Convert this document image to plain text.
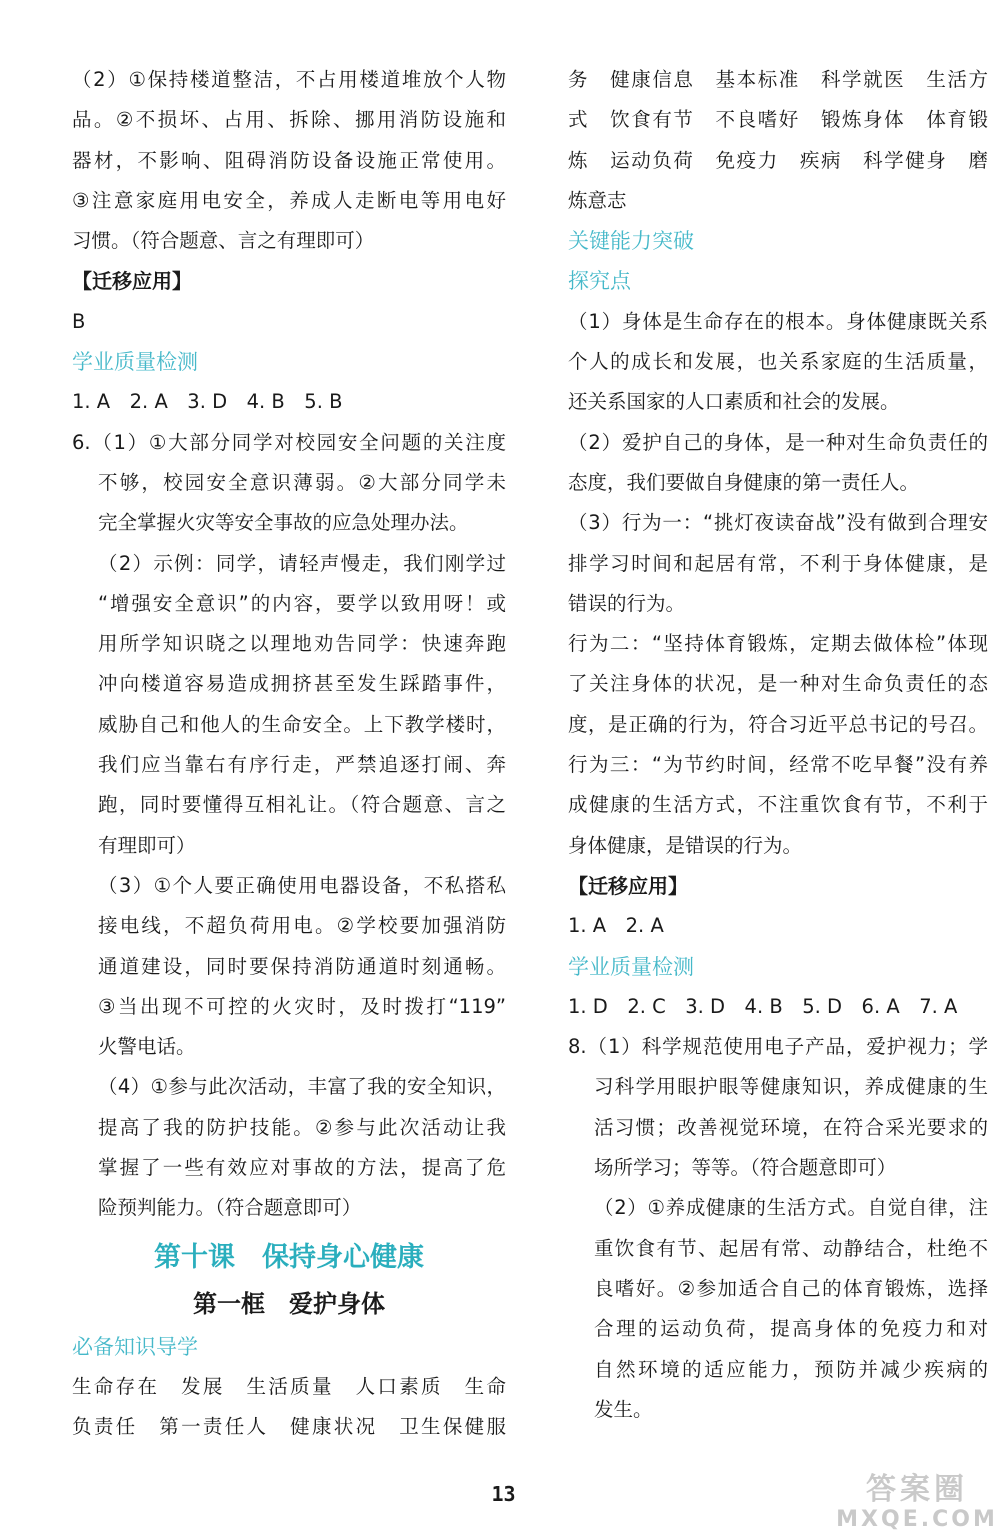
（2）①保持楼道整洁，不占用楼道堆放个人物
品。②不损坏、占用、拆除、挪用消防设施和
器材，不影响、阻碍消防设备设施正常使用。
③注意家庭用电安全，养成人走断电等用电好
习惯。（符合题意、言之有理即可）
【迁移应用】
B
学业质量检测
1. A　2. A　3. D　4. B　5. B
6.（1）①大部分同学对校园安全问题的关注度
不够，校园安全意识薄弱。②大部分同学未
完全掌握火灾等安全事故的应急处理办法。
（2）示例：同学，请轻声慢走，我们刚学过
“增强安全意识”的内容，要学以致用呀！或
用所学知识晓之以理地劝告同学：快速奔跑
冲向楼道容易造成拥挤甚至发生踩踏事件，
威胁自己和他人的生命安全。上下教学楼时，
我们应当靠右有序行走，严禁追逐打闹、奔
跑，同时要懂得互相礼让。（符合题意、言之
有理即可）
（3）①个人要正确使用电器设备，不私搭私
接电线，不超负荷用电。②学校要加强消防
通道建设，同时要保持消防通道时刻通畅。
③当出现不可控的火灾时，及时拨打“119”
火警电话。
（4）①参与此次活动，丰富了我的安全知识，
提高了我的防护技能。②参与此次活动让我
掌握了一些有效应对事故的方法，提高了危
险预判能力。（符合题意即可）
第十课　保持身心健康
第一框　爱护身体
必备知识导学
生命存在　发展　生活质量　人口素质　生命
负责任　第一责任人　健康状况　卫生保健服
务　健康信息　基本标准　科学就医　生活方
式　饮食有节　不良嗜好　锻炼身体　体育锻
炼　运动负荷　免疫力　疾病　科学健身　磨
炼意志
关键能力突破
探究点
（1）身体是生命存在的根本。身体健康既关系
个人的成长和发展，也关系家庭的生活质量，
还关系国家的人口素质和社会的发展。
（2）爱护自己的身体，是一种对生命负责任的
态度，我们要做自身健康的第一责任人。
（3）行为一：“挑灯夜读奋战”没有做到合理安
排学习时间和起居有常，不利于身体健康，是
错误的行为。
行为二：“坚持体育锻炼，定期去做体检”体现
了关注身体的状况，是一种对生命负责任的态
度，是正确的行为，符合习近平总书记的号召。
行为三：“为节约时间，经常不吃早餐”没有养
成健康的生活方式，不注重饮食有节，不利于
身体健康，是错误的行为。
【迁移应用】
1. A　2. A
学业质量检测
1. D　2. C　3. D　4. B　5. D　6. A　7. A
8.（1）科学规范使用电子产品，爱护视力；学
习科学用眼护眼等健康知识，养成健康的生
活习惯；改善视觉环境，在符合采光要求的
场所学习；等等。（符合题意即可）
（2）①养成健康的生活方式。自觉自律，注
重饮食有节、起居有常、动静结合，杜绝不
良嗜好。②参加适合自己的体育锻炼，选择
合理的运动负荷，提高身体的免疫力和对
自然环境的适应能力，预防并减少疾病的
发生。
13	答案圈
MXQE.COM
